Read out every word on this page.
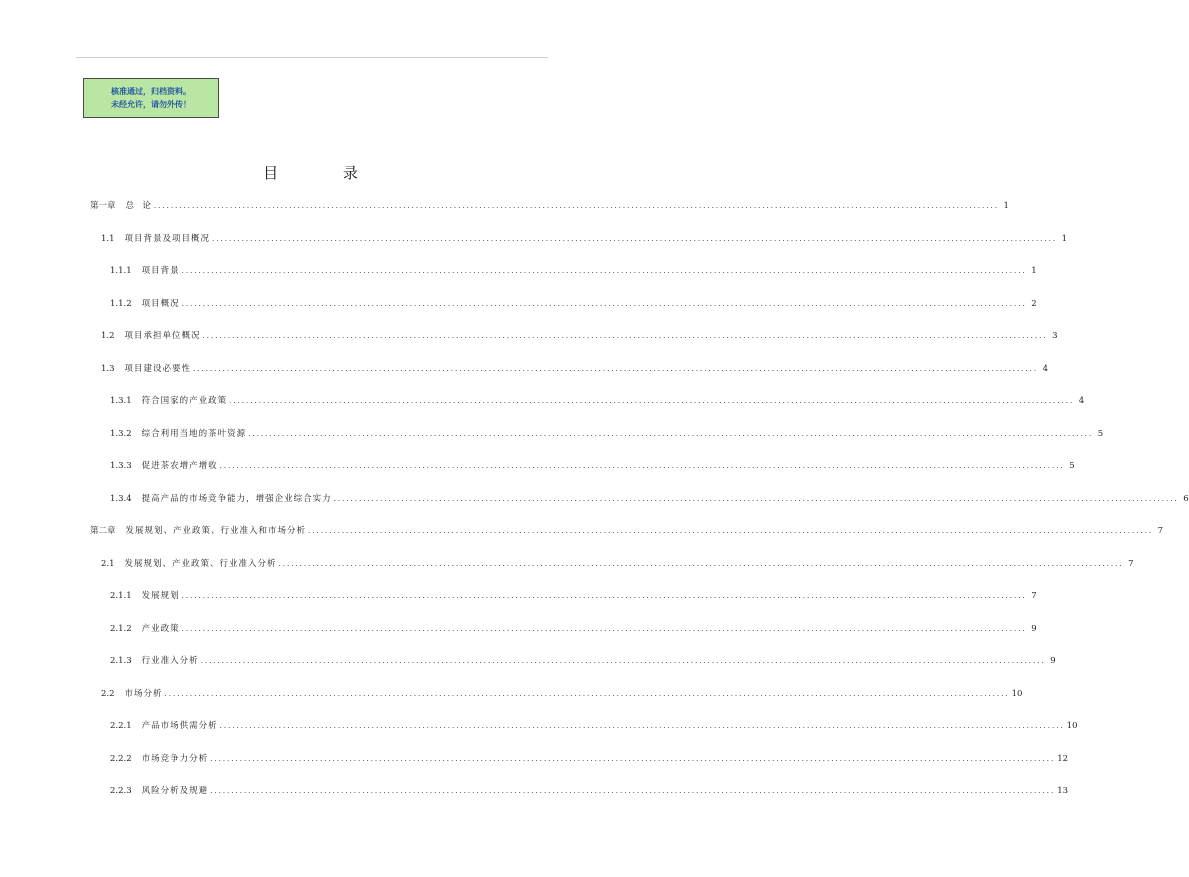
核准通过，归档资料。
未经允许，请勿外传！
目 录
第一章 总  论 ........................................................................................................................................................................................................ 1
1.1 项目背景及项目概况 ........................................................................................................................................................................................................ 1
1.1.1 项目背景 ........................................................................................................................................................................................................ 1
1.1.2 项目概况 ........................................................................................................................................................................................................ 2
1.2 项目承担单位概况 ........................................................................................................................................................................................................ 3
1.3 项目建设必要性 ........................................................................................................................................................................................................ 4
1.3.1 符合国家的产业政策 ........................................................................................................................................................................................................ 4
1.3.2 综合利用当地的茶叶资源 ........................................................................................................................................................................................................ 5
1.3.3 促进茶农增产增收 ........................................................................................................................................................................................................ 5
1.3.4 提高产品的市场竞争能力，增强企业综合实力 ........................................................................................................................................................................................................ 6
第二章 发展规划、产业政策、行业准入和市场分析 ........................................................................................................................................................................................................ 7
2.1 发展规划、产业政策、行业准入分析 ........................................................................................................................................................................................................ 7
2.1.1 发展规划 ........................................................................................................................................................................................................ 7
2.1.2 产业政策 ........................................................................................................................................................................................................ 9
2.1.3 行业准入分析 ........................................................................................................................................................................................................ 9
2.2 市场分析 ........................................................................................................................................................................................................ 10
2.2.1 产品市场供需分析 ........................................................................................................................................................................................................ 10
2.2.2 市场竞争力分析 ........................................................................................................................................................................................................ 12
2.2.3 风险分析及规避 ........................................................................................................................................................................................................ 13
